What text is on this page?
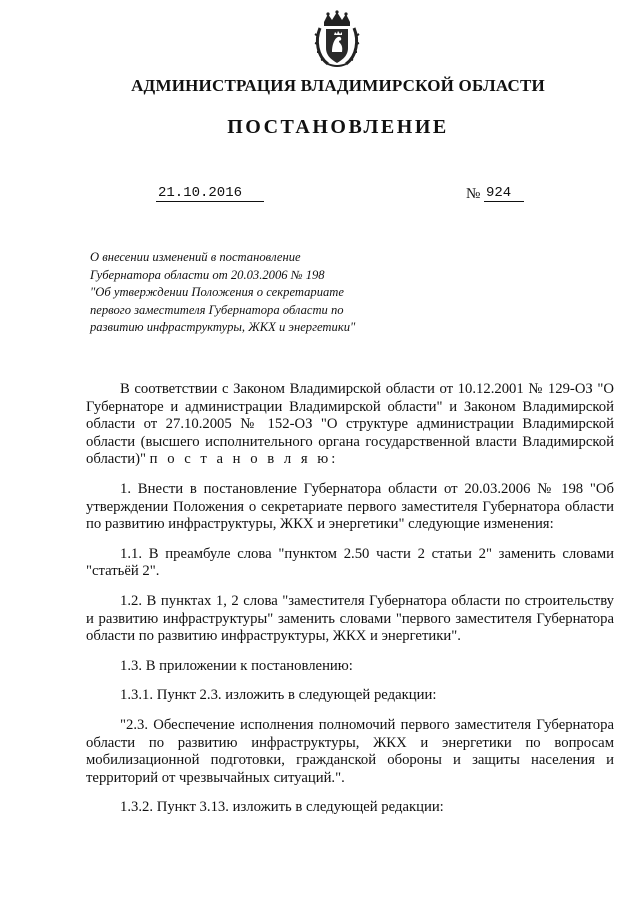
АДМИНИСТРАЦИЯ ВЛАДИМИРСКОЙ ОБЛАСТИ
ПОСТАНОВЛЕНИЕ
21.10.2016	№ 924
О внесении изменений в постановление
Губернатора области от 20.03.2006 № 198
"Об утверждении Положения о секретариате
первого заместителя Губернатора области по
развитию инфраструктуры, ЖКХ и энергетики"

В соответствии с Законом Владимирской области от 10.12.2001 № 129-ОЗ "О Губернаторе и администрации Владимирской области" и Законом Владимирской области от 27.10.2005 № 152-ОЗ "О структуре администрации Владимирской области (высшего исполнительного органа государственной власти Владимирской области)" п о с т а н о в л я ю:

1. Внести в постановление Губернатора области от 20.03.2006 № 198 "Об утверждении Положения о секретариате первого заместителя Губернатора области по развитию инфраструктуры, ЖКХ и энергетики" следующие изменения:

1.1. В преамбуле слова "пунктом 2.50 части 2 статьи 2" заменить словами "статьёй 2".

1.2. В пунктах 1, 2 слова "заместителя Губернатора области по строительству и развитию инфраструктуры" заменить словами "первого заместителя Губернатора области по развитию инфраструктуры, ЖКХ и энергетики".

1.3. В приложении к постановлению:

1.3.1. Пункт 2.3. изложить в следующей редакции:

"2.3. Обеспечение исполнения полномочий первого заместителя Губернатора области по развитию инфраструктуры, ЖКХ и энергетики по вопросам мобилизационной подготовки, гражданской обороны и защиты населения и территорий от чрезвычайных ситуаций.".

1.3.2. Пункт 3.13. изложить в следующей редакции:
